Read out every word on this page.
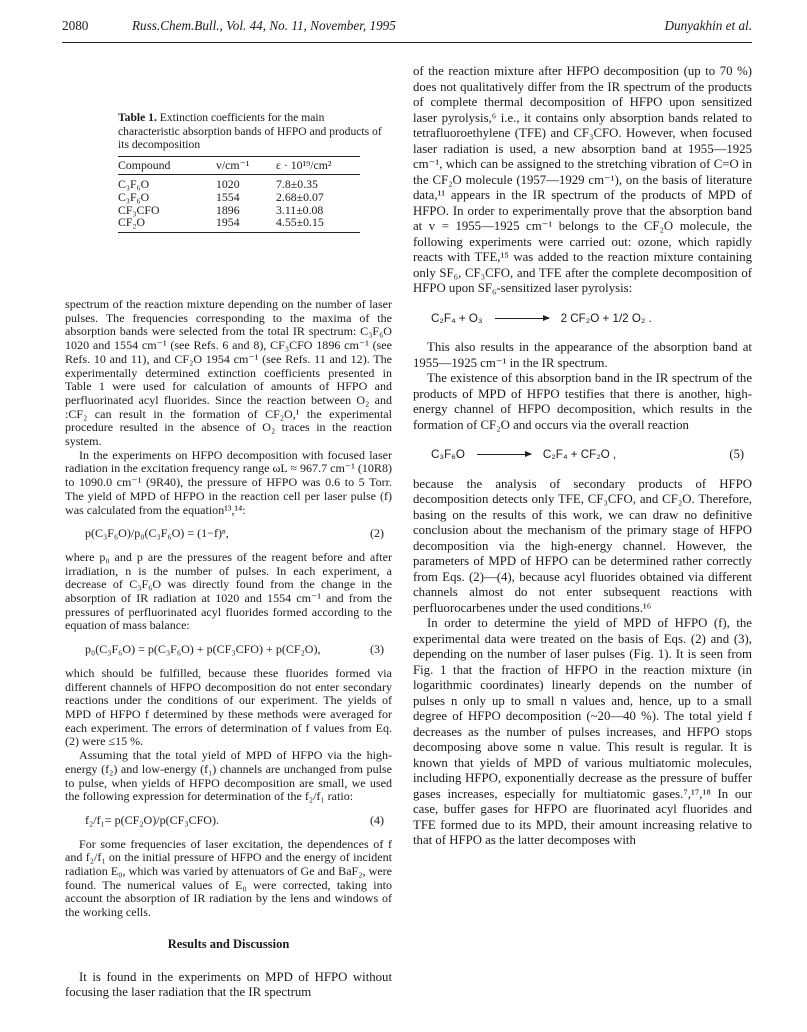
2080	Russ.Chem.Bull., Vol. 44, No. 11, November, 1995	Dunyakhin et al.
Table 1. Extinction coefficients for the main characteristic absorption bands of HFPO and products of its decomposition
Compound	v/cm⁻¹	ε · 10¹⁹/cm²
C₃F₆O	1020	7.8±0.35
C₃F₆O	1554	2.68±0.07
CF₃CFO	1896	3.11±0.08
CF₂O	1954	4.55±0.15

spectrum of the reaction mixture depending on the number of laser pulses. The frequencies corresponding to the maxima of the absorption bands were selected from the total IR spectrum: C₃F₆O 1020 and 1554 cm⁻¹ (see Refs. 6 and 8), CF₃CFO 1896 cm⁻¹ (see Refs. 10 and 11), and CF₂O 1954 cm⁻¹ (see Refs. 11 and 12). The experimentally determined extinction coefficients presented in Table 1 were used for calculation of amounts of HFPO and perfluorinated acyl fluorides. Since the reaction between O₂ and :CF₂ can result in the formation of CF₂O,¹ the experimental procedure resulted in the absence of O₂ traces in the reaction system.

In the experiments on HFPO decomposition with focused laser radiation in the excitation frequency range ωL ≈ 967.7 cm⁻¹ (10R8) to 1090.0 cm⁻¹ (9R40), the pressure of HFPO was 0.6 to 5 Torr. The yield of MPD of HFPO in the reaction cell per laser pulse (f) was calculated from the equation¹³,¹⁴:

p(C₃F₆O)/p₀(C₃F₆O) = (1−f)ⁿ,	(2)

where p₀ and p are the pressures of the reagent before and after irradiation, n is the number of pulses. In each experiment, a decrease of C₃F₆O was directly found from the change in the absorption of IR radiation at 1020 and 1554 cm⁻¹ and from the pressures of perfluorinated acyl fluorides formed according to the equation of mass balance:

p₀(C₃F₆O) = p(C₃F₆O) + p(CF₃CFO) + p(CF₂O),	(3)

which should be fulfilled, because these fluorides formed via different channels of HFPO decomposition do not enter secondary reactions under the conditions of our experiment. The yields of MPD of HFPO f determined by these methods were averaged for each experiment. The errors of determination of f values from Eq. (2) were ≤15 %.

Assuming that the total yield of MPD of HFPO via the high-energy (f₂) and low-energy (f₁) channels are unchanged from pulse to pulse, when yields of HFPO decomposition are small, we used the following expression for determination of the f₂/f₁ ratio:

f₂/f₁= p(CF₂O)/p(CF₃CFO).	(4)

For some frequencies of laser excitation, the dependences of f and f₂/f₁ on the initial pressure of HFPO and the energy of incident radiation E₀, which was varied by attenuators of Ge and BaF₂, were found. The numerical values of E₀ were corrected, taking into account the absorption of IR radiation by the lens and windows of the working cells.

Results and Discussion

It is found in the experiments on MPD of HFPO without focusing the laser radiation that the IR spectrum

of the reaction mixture after HFPO decomposition (up to 70 %) does not qualitatively differ from the IR spectrum of the products of complete thermal decomposition of HFPO upon sensitized laser pyrolysis,⁶ i.e., it contains only absorption bands related to tetrafluoroethylene (TFE) and CF₃CFO. However, when focused laser radiation is used, a new absorption band at 1955—1925 cm⁻¹, which can be assigned to the stretching vibration of C=O in the CF₂O molecule (1957—1929 cm⁻¹), on the basis of literature data,¹¹ appears in the IR spectrum of the products of MPD of HFPO. In order to experimentally prove that the absorption band at v = 1955—1925 cm⁻¹ belongs to the CF₂O molecule, the following experiments were carried out: ozone, which rapidly reacts with TFE,¹⁵ was added to the reaction mixture containing only SF₆, CF₃CFO, and TFE after the complete decomposition of HFPO upon SF₆-sensitized laser pyrolysis:

C₂F₄ + O₃	2 CF₂O + 1/2 O₂ .

This also results in the appearance of the absorption band at 1955—1925 cm⁻¹ in the IR spectrum.

The existence of this absorption band in the IR spectrum of the products of MPD of HFPO testifies that there is another, high-energy channel of HFPO decomposition, which results in the formation of CF₂O and occurs via the overall reaction

C₃F₆O	C₂F₄ + CF₂O ,	(5)

because the analysis of secondary products of HFPO decomposition detects only TFE, CF₃CFO, and CF₂O. Therefore, basing on the results of this work, we can draw no definitive conclusion about the mechanism of the primary stage of HFPO decomposition via the high-energy channel. However, the parameters of MPD of HFPO can be determined rather correctly from Eqs. (2)—(4), because acyl fluorides obtained via different channels almost do not enter subsequent reactions with perfluorocarbenes under the used conditions.¹⁶

In order to determine the yield of MPD of HFPO (f), the experimental data were treated on the basis of Eqs. (2) and (3), depending on the number of laser pulses (Fig. 1). It is seen from Fig. 1 that the fraction of HFPO in the reaction mixture (in logarithmic coordinates) linearly depends on the number of pulses n only up to small n values and, hence, up to a small degree of HFPO decomposition (~20—40 %). The total yield f decreases as the number of pulses increases, and HFPO stops decomposing above some n value. This result is regular. It is known that yields of MPD of various multiatomic molecules, including HFPO, exponentially decrease as the pressure of buffer gases increases, especially for multiatomic gases.⁷,¹⁷,¹⁸ In our case, buffer gases for HFPO are fluorinated acyl fluorides and TFE formed due to its MPD, their amount increasing relative to that of HFPO as the latter decomposes with
